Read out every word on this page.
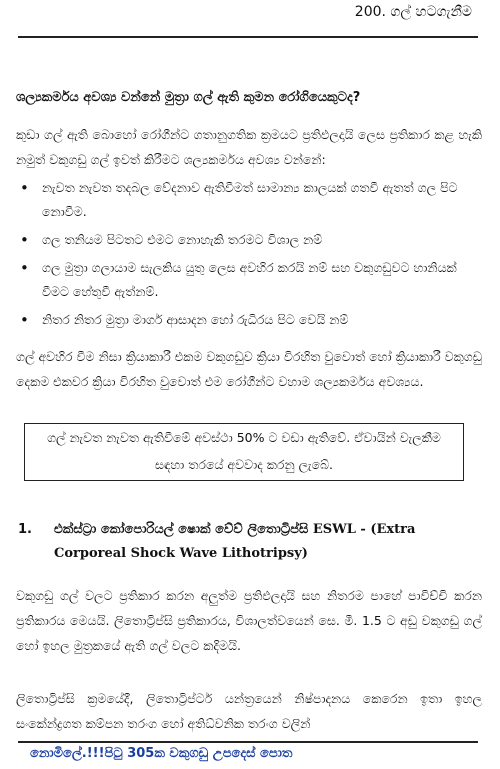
200. ගල් හටගැනීම
ශල්‍යකර්මය අවශ්‍ය වන්නේ මුත්‍රා ගල් ඇති කුමන රෝගියෙකුටද?
කුඩා ගල් ඇති බොහෝ රෝගීන්ට ගතානුගතික ක්‍රමයට ප්‍රතිඵලදායි ලෙස ප්‍රතිකාර කළ හැකි නමුත් වකුගඩු ගල් ඉවත් කිරීමට ශල්‍යකර්මය අවශ්‍ය වන්නේ:
• නැවත නැවත තදබල වේදනාව ඇතිවීමත් සාමාන්‍ය කාලයක් ගතවී ඇතත් ගල පිට නොවීම.
• ගල තනියම පිටතට එමට නොහැකි තරමට විශාල නම්
• ගල මුත්‍රා ගලායාම සැලකිය යුතු ලෙස අවහිර කරයි නම් සහ වකුගඩුවට හානියක් වීමට හේතුවී ඇත්නම්.
• නිතර නිතර මුත්‍රා මාර්ග ආසාදන හෝ රුධිරය පිට වෙයි නම්
ගල් අවහිර වීම නිසා ක්‍රියාකාරී එකම වකුගඩුව ක්‍රියා විරහිත වුවොත් හෝ ක්‍රියාකාරී වකුගඩු දෙකම එකවර ක්‍රියා විරහිත වුවොත් එම රෝගීන්ට වහාම ශල්‍යකර්මය අවශ්‍යය.
ගල් නැවත නැවත ඇතිවීමේ අවස්ථා 50% ට වඩා ඇතිවේ. ඒවායින් වැලකීම සඳහා තරයේ අවවාද කරනු ලැබේ.
1.	එක්ස්ට්‍රා කෝපොරියල් ෂොක් වේව් ලිතොට්‍රිප්සි ESWL - (Extra Corporeal Shock Wave Lithotripsy)
වකුගඩු ගල් වලට ප්‍රතිකාර කරන අලුත්ම ප්‍රතිඵලදායි සහ නිතරම පාහේ පාවිච්චි කරන ප්‍රතිකාරය මෙයයි. ලිතොට්‍රිප්සි ප්‍රතිකාරය, විශාලත්වයෙන් සෙ. මී. 1.5 ට අඩු වකුගඩු ගල් හෝ ඉහල මුත්‍රකයේ ඇති ගල් වලට කදිමයි.
ලිතොට්‍රිප්සි ක්‍රමයේදී, ලිතොට්‍රිප්ටර් යන්ත්‍රයෙන් නිෂ්පාදනය කෙරෙන ඉතා ඉහල සංකේන්ද්‍රගත කම්පන තරංග හෝ අතිධ්වනික තරංග වලින්
නොමිලේ.!!!පිටු 305ක වකුගඩු උපදෙස් පොත
